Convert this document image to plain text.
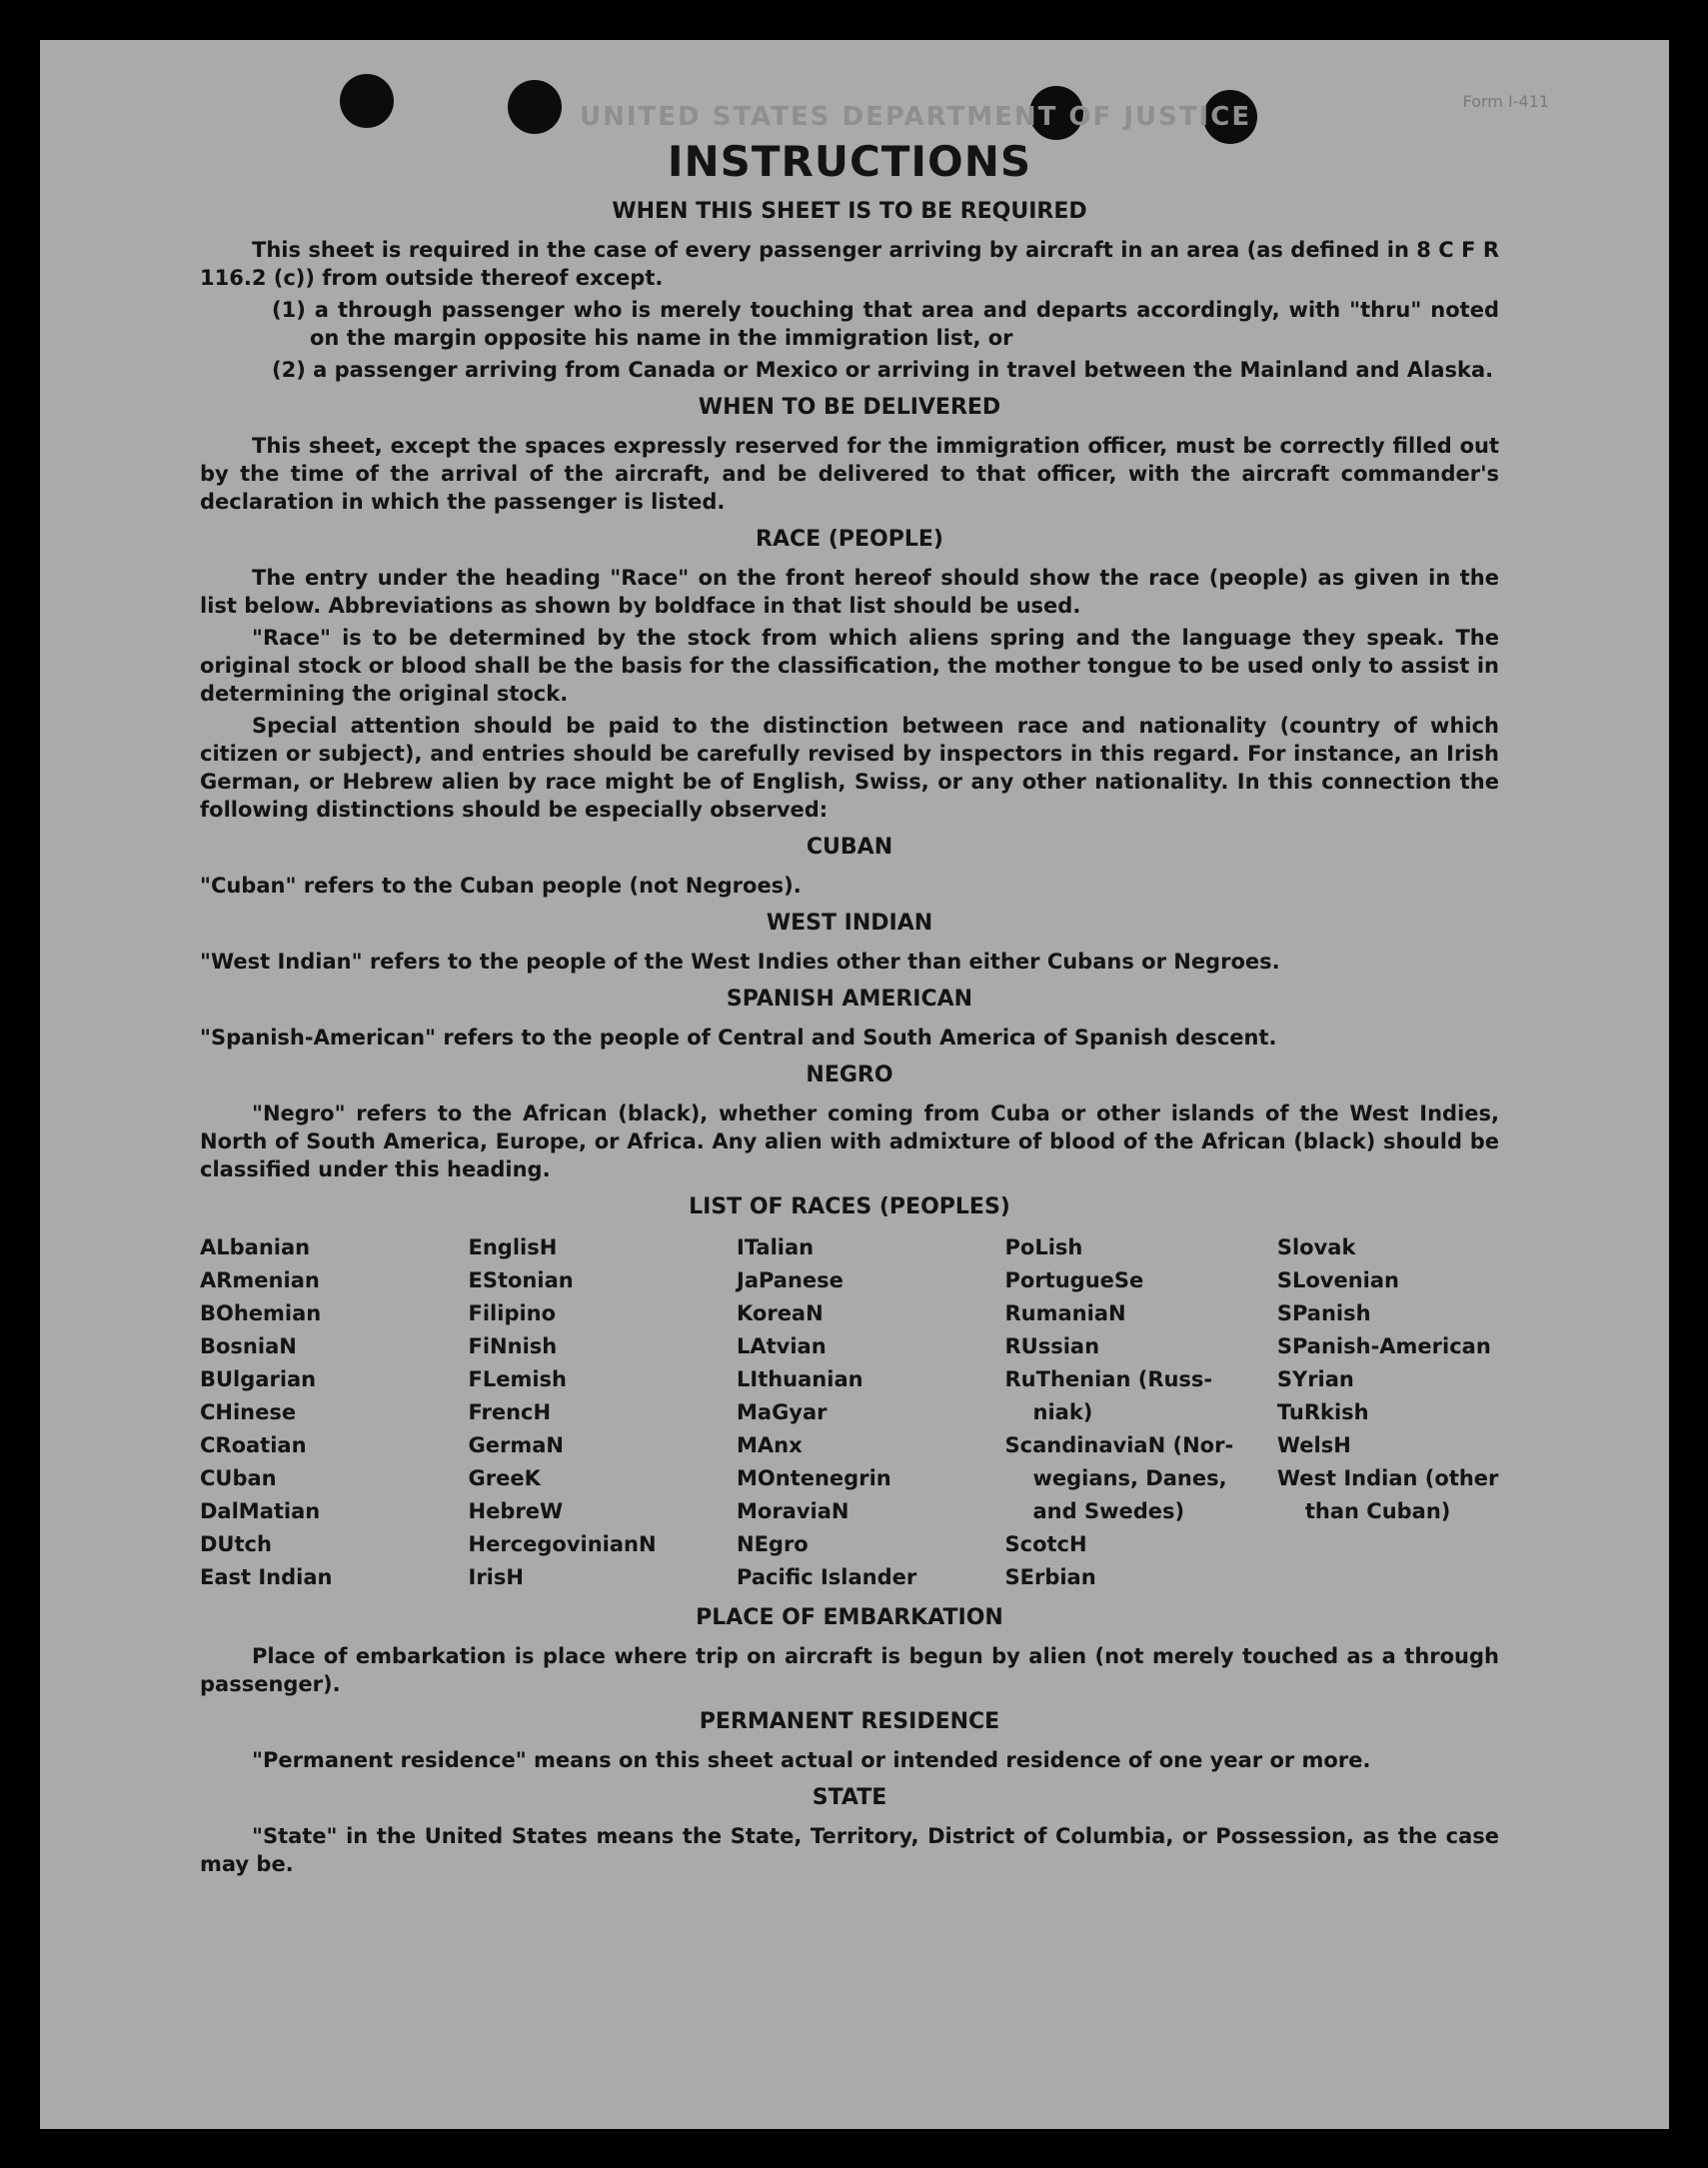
UNITED STATES DEPARTMENT OF JUSTICE
Form I-411
INSTRUCTIONS
WHEN THIS SHEET IS TO BE REQUIRED

This sheet is required in the case of every passenger arriving by aircraft in an area (as defined in 8 C F R 116.2 (c)) from outside thereof except.

(1) a through passenger who is merely touching that area and departs accordingly, with "thru" noted on the margin opposite his name in the immigration list, or

(2) a passenger arriving from Canada or Mexico or arriving in travel between the Mainland and Alaska.

WHEN TO BE DELIVERED

This sheet, except the spaces expressly reserved for the immigration officer, must be correctly filled out by the time of the arrival of the aircraft, and be delivered to that officer, with the aircraft commander's declaration in which the passenger is listed.

RACE (PEOPLE)

The entry under the heading "Race" on the front hereof should show the race (people) as given in the list below. Abbreviations as shown by boldface in that list should be used.

"Race" is to be determined by the stock from which aliens spring and the language they speak. The original stock or blood shall be the basis for the classification, the mother tongue to be used only to assist in determining the original stock.

Special attention should be paid to the distinction between race and nationality (country of which citizen or subject), and entries should be carefully revised by inspectors in this regard. For instance, an Irish German, or Hebrew alien by race might be of English, Swiss, or any other nationality. In this connection the following distinctions should be especially observed:

CUBAN

"Cuban" refers to the Cuban people (not Negroes).

WEST INDIAN

"West Indian" refers to the people of the West Indies other than either Cubans or Negroes.

SPANISH AMERICAN

"Spanish-American" refers to the people of Central and South America of Spanish descent.

NEGRO

"Negro" refers to the African (black), whether coming from Cuba or other islands of the West Indies, North of South America, Europe, or Africa. Any alien with admixture of blood of the African (black) should be classified under this heading.

LIST OF RACES (PEOPLES)
ALbanian
ARmenian
BOhemian
BosniaN
BUlgarian
CHinese
CRoatian
CUban
DalMatian
DUtch
East Indian
EnglisH
EStonian
Filipino
FiNnish
FLemish
FrencH
GermaN
GreeK
HebreW
HercegovinianN
IrisH
ITalian
JaPanese
KoreaN
LAtvian
LIthuanian
MaGyar
MAnx
MOntenegrin
MoraviaN
NEgro
Pacific Islander
PoLish
PortugueSe
RumaniaN
RUssian
RuThenian (Russ-
niak)
ScandinaviaN (Nor-
wegians, Danes,
and Swedes)
ScotcH
SErbian
Slovak
SLovenian
SPanish
SPanish-American
SYrian
TuRkish
WelsH
West Indian (other
than Cuban)
PLACE OF EMBARKATION

Place of embarkation is place where trip on aircraft is begun by alien (not merely touched as a through passenger).

PERMANENT RESIDENCE

"Permanent residence" means on this sheet actual or intended residence of one year or more.

STATE

"State" in the United States means the State, Territory, District of Columbia, or Possession, as the case may be.
